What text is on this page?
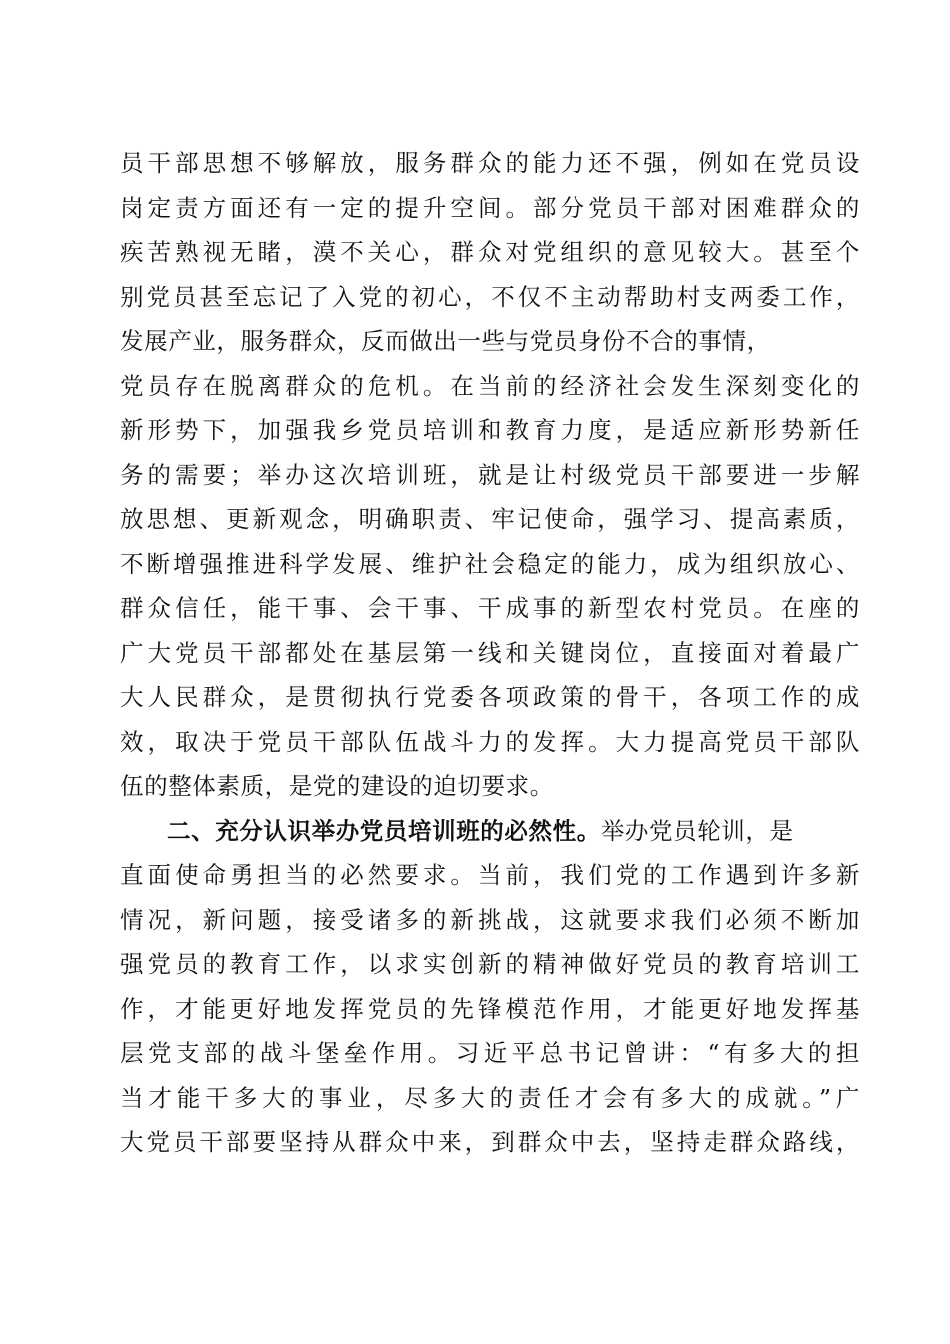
员干部思想不够解放，服务群众的能力还不强，例如在党员设
岗定责方面还有一定的提升空间。部分党员干部对困难群众的
疾苦熟视无睹，漠不关心，群众对党组织的意见较大。甚至个
别党员甚至忘记了入党的初心，不仅不主动帮助村支两委工作，
发展产业，服务群众，反而做出一些与党员身份不合的事情，
党员存在脱离群众的危机。在当前的经济社会发生深刻变化的
新形势下，加强我乡党员培训和教育力度，是适应新形势新任
务的需要；举办这次培训班，就是让村级党员干部要进一步解
放思想、更新观念，明确职责、牢记使命，强学习、提高素质，
不断增强推进科学发展、维护社会稳定的能力，成为组织放心、
群众信任，能干事、会干事、干成事的新型农村党员。在座的
广大党员干部都处在基层第一线和关键岗位，直接面对着最广
大人民群众，是贯彻执行党委各项政策的骨干，各项工作的成
效，取决于党员干部队伍战斗力的发挥。大力提高党员干部队
伍的整体素质，是党的建设的迫切要求。
二、充分认识举办党员培训班的必然性。举办党员轮训，是
直面使命勇担当的必然要求。当前，我们党的工作遇到许多新
情况，新问题，接受诸多的新挑战，这就要求我们必须不断加
强党员的教育工作，以求实创新的精神做好党员的教育培训工
作，才能更好地发挥党员的先锋模范作用，才能更好地发挥基
层党支部的战斗堡垒作用。习近平总书记曾讲：“有多大的担
当才能干多大的事业，尽多大的责任才会有多大的成就。”广
大党员干部要坚持从群众中来，到群众中去，坚持走群众路线，
